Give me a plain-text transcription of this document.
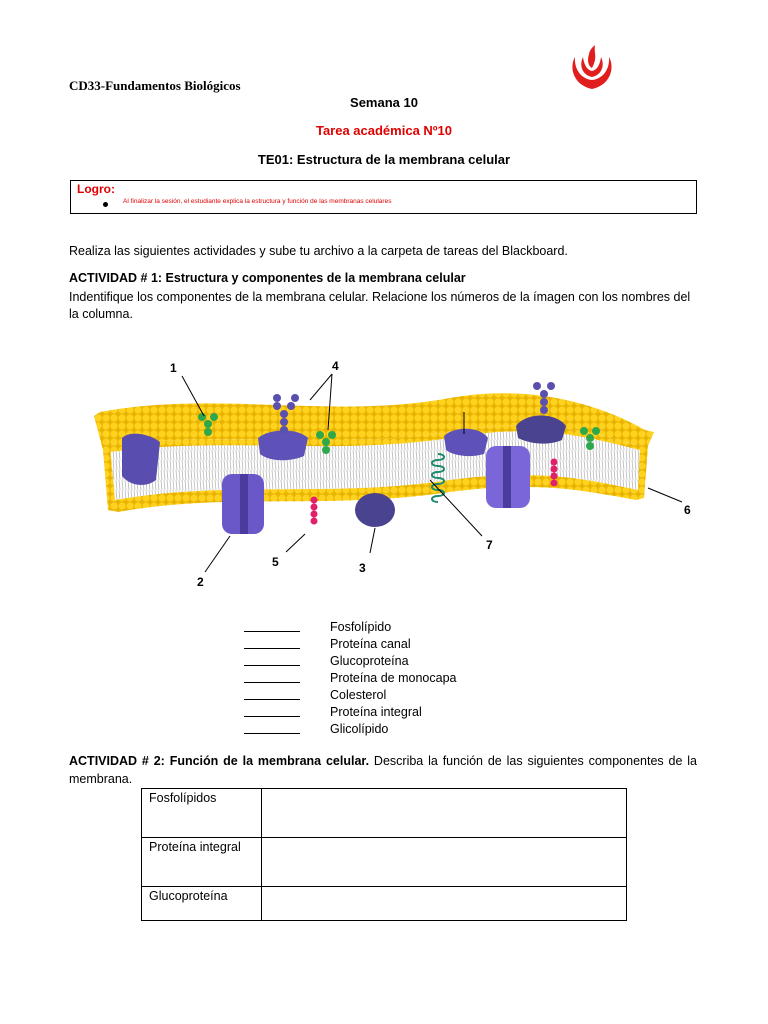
CD33-Fundamentos Biológicos
Semana 10
Tarea académica Nº10
TE01: Estructura de la membrana celular
Logro:
Al finalizar la sesión, el estudiante explica la estructura y función de las membranas celulares
Realiza las siguientes actividades y sube tu archivo a la carpeta de tareas del Blackboard.
ACTIVIDAD # 1: Estructura y componentes de la membrana celular
Indentifique los componentes de la membrana celular. Relacione los números de la ímagen con los nombres del la columna.
1
2
3
4
5
6
7
Fosfolípido
Proteína canal
Glucoproteína
Proteína de monocapa
Colesterol
Proteína integral
Glicolípido
ACTIVIDAD # 2: Función de la membrana celular. Describa la función de las siguientes componentes de la membrana.
Fosfolípidos	
Proteína integral	
Glucoproteína	
